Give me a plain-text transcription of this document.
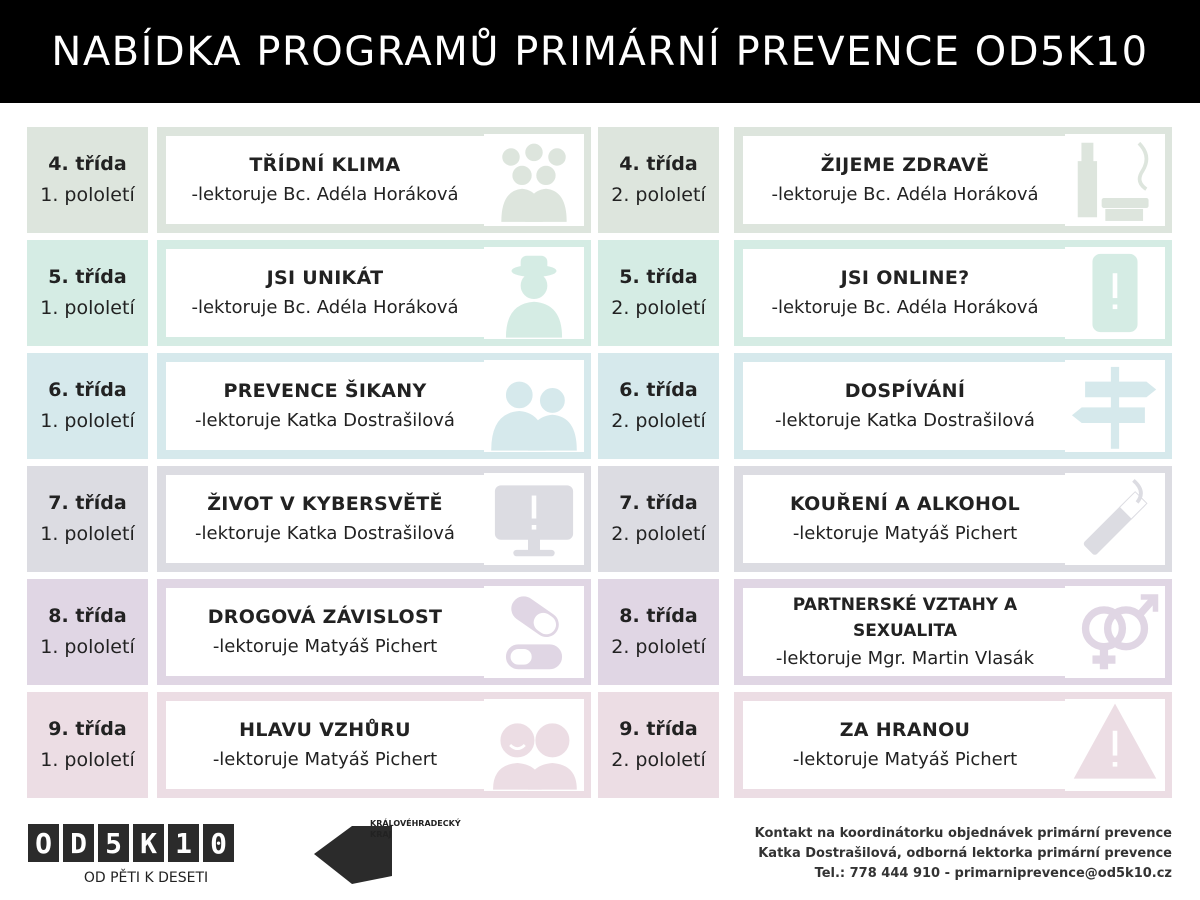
NABÍDKA PROGRAMŮ PRIMÁRNÍ PREVENCE OD5K10
4. třída
1. pololetí
TŘÍDNÍ KLIMA
-lektoruje Bc. Adéla Horáková
5. třída
1. pololetí
JSI UNIKÁT
-lektoruje Bc. Adéla Horáková
6. třída
1. pololetí
PREVENCE ŠIKANY
-lektoruje Katka Dostrašilová
7. třída
1. pololetí
ŽIVOT V KYBERSVĚTĚ
-lektoruje Katka Dostrašilová
8. třída
1. pololetí
DROGOVÁ ZÁVISLOST
-lektoruje Matyáš Pichert
9. třída
1. pololetí
HLAVU VZHŮRU
-lektoruje Matyáš Pichert
4. třída
2. pololetí
ŽIJEME ZDRAVĚ
-lektoruje Bc. Adéla Horáková
5. třída
2. pololetí
JSI ONLINE?
-lektoruje Bc. Adéla Horáková
6. třída
2. pololetí
DOSPÍVÁNÍ
-lektoruje Katka Dostrašilová
7. třída
2. pololetí
KOUŘENÍ A ALKOHOL
-lektoruje Matyáš Pichert
8. třída
2. pololetí
PARTNERSKÉ VZTAHY A
SEXUALITA
-lektoruje Mgr. Martin Vlasák
9. třída
2. pololetí
ZA HRANOU
-lektoruje Matyáš Pichert
O D 5 K 1 0
OD PĚTI K DESETI
KRÁLOVÉHRADECKÝ
KRAJ	Kontakt na koordinátorku objednávek primární prevence
Katka Dostrašilová, odborná lektorka primární prevence
Tel.: 778 444 910 - primarniprevence@od5k10.cz
